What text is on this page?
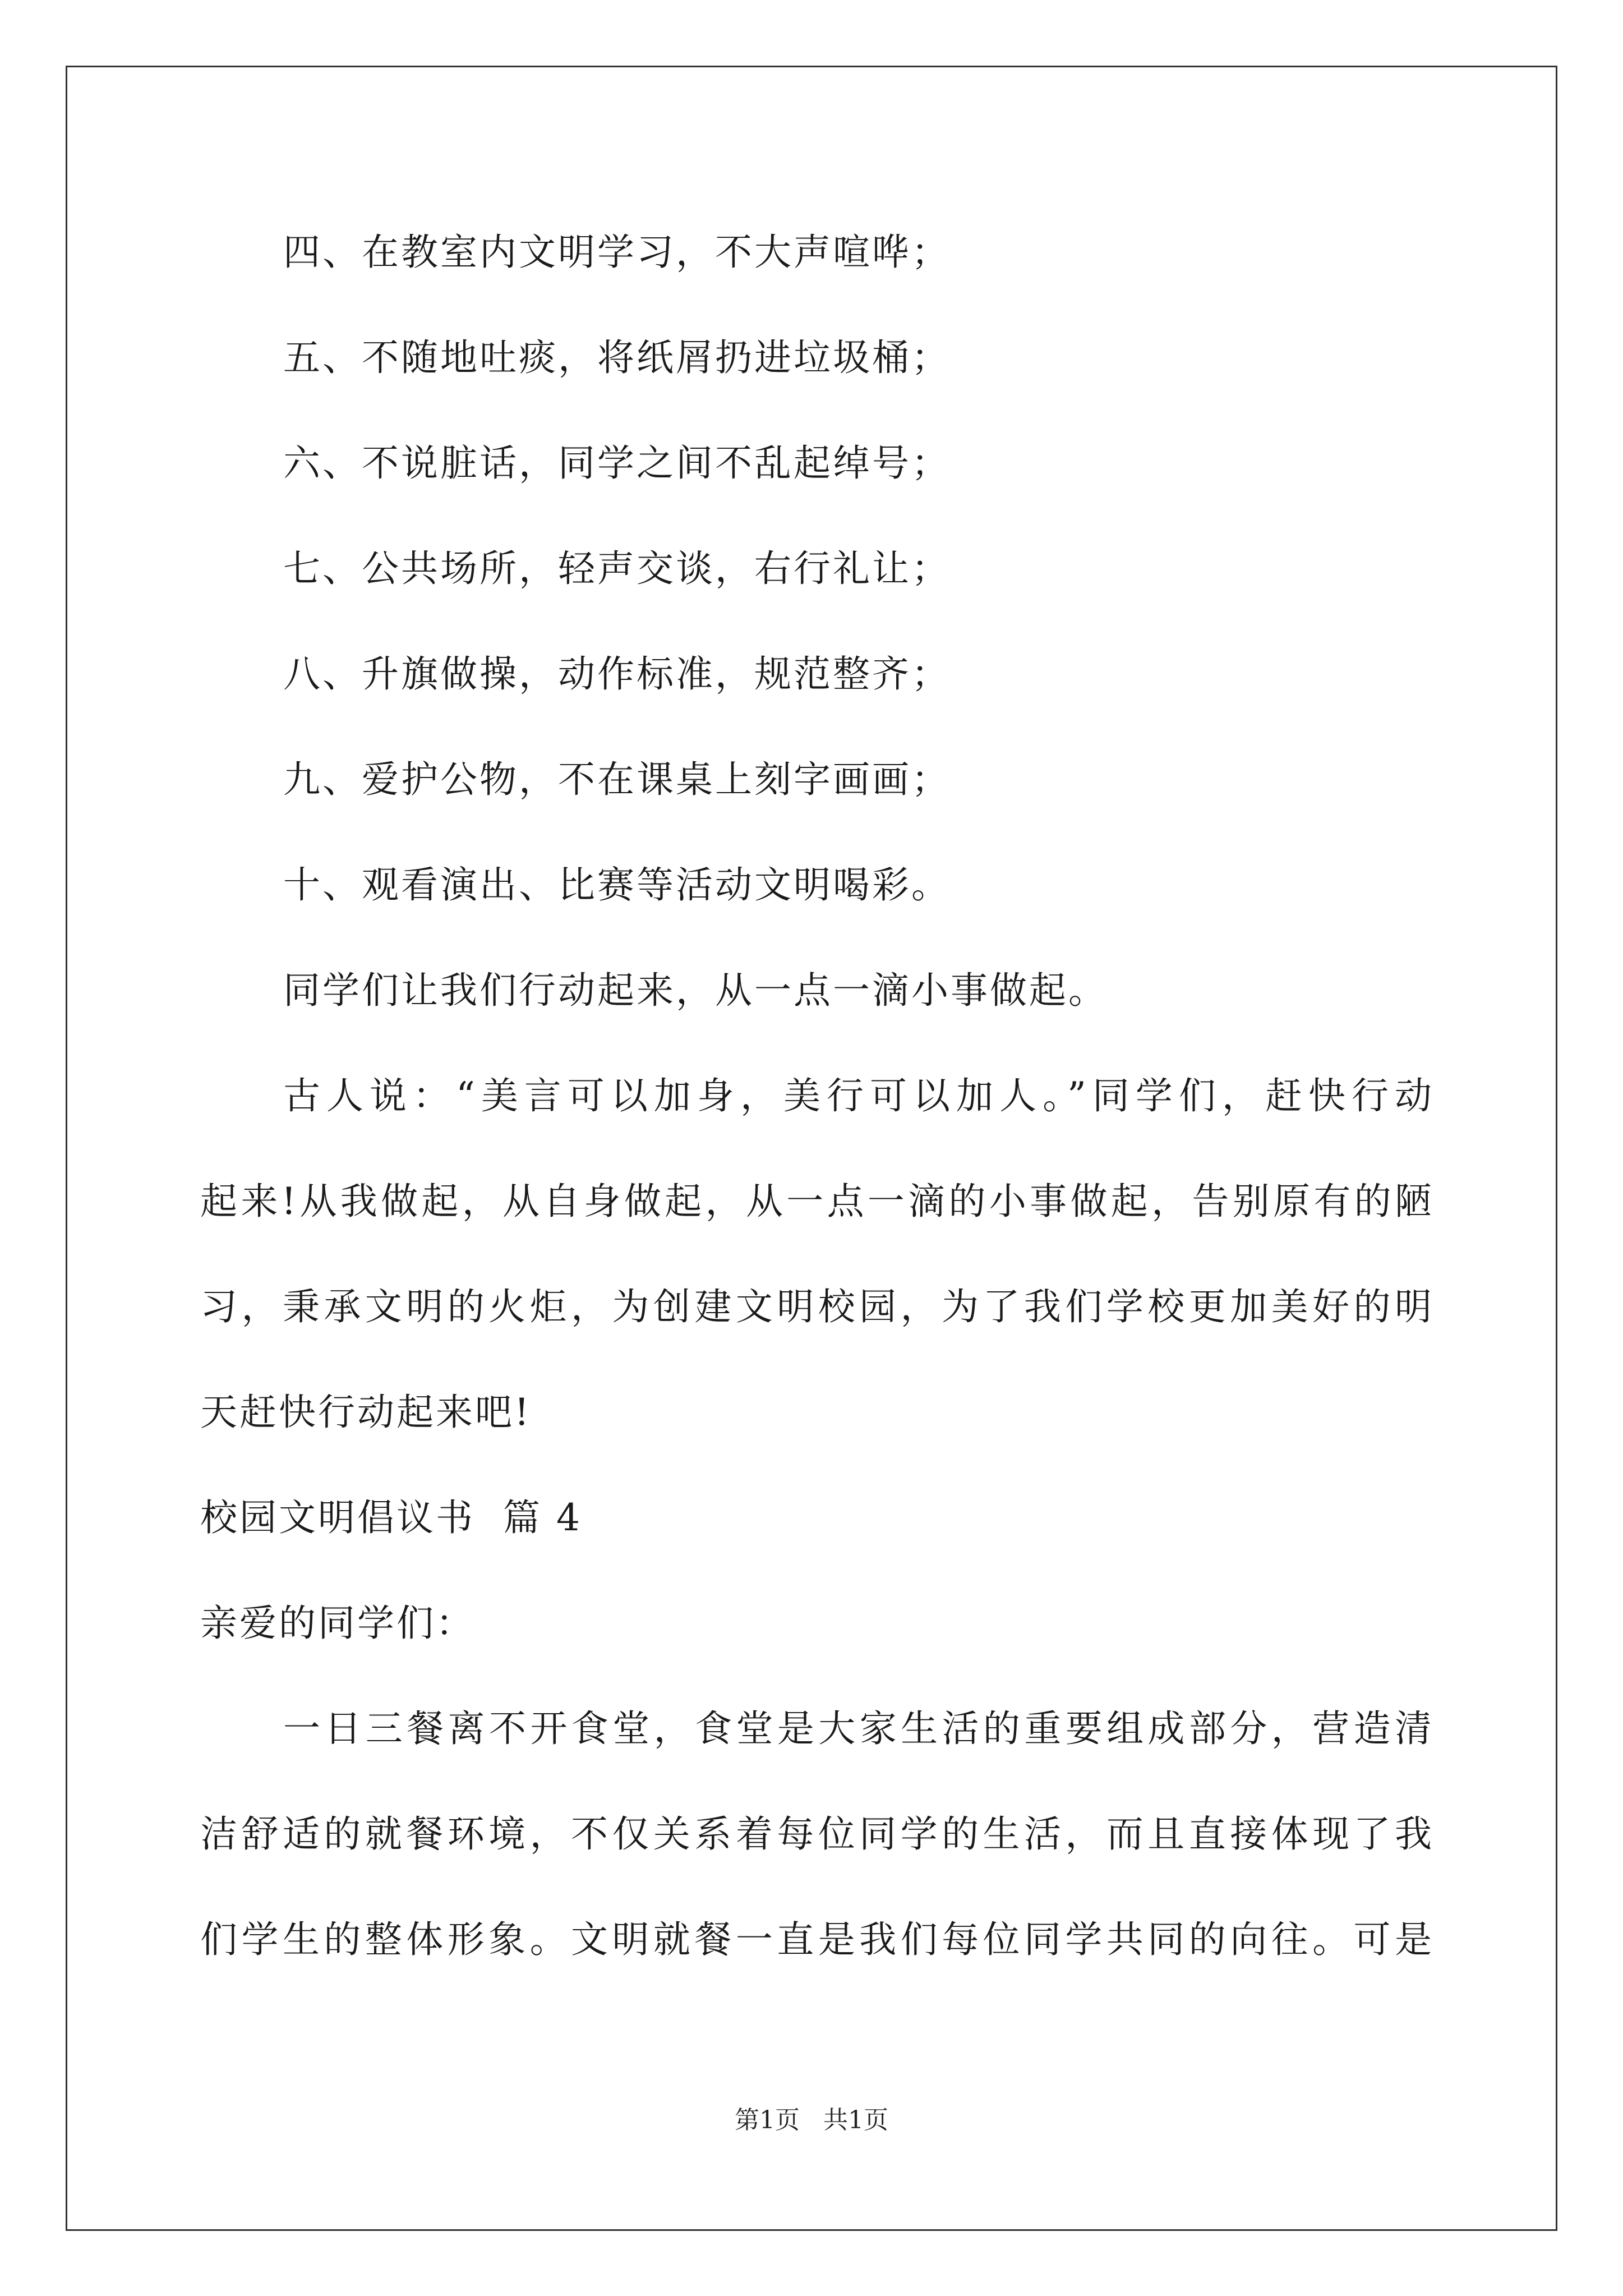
四、在教室内文明学习，不大声喧哗；
五、不随地吐痰，将纸屑扔进垃圾桶；
六、不说脏话，同学之间不乱起绰号；
七、公共场所，轻声交谈，右行礼让；
八、升旗做操，动作标准，规范整齐；
九、爱护公物，不在课桌上刻字画画；
十、观看演出、比赛等活动文明喝彩。
同学们让我们行动起来，从一点一滴小事做起。
古人说：“美言可以加身，美行可以加人。”同学们，赶快行动
起来!从我做起，从自身做起，从一点一滴的小事做起，告别原有的陋
习，秉承文明的火炬，为创建文明校园，为了我们学校更加美好的明
天赶快行动起来吧!
校园文明倡议书  篇 4
亲爱的同学们：
一日三餐离不开食堂，食堂是大家生活的重要组成部分，营造清
洁舒适的就餐环境，不仅关系着每位同学的生活，而且直接体现了我
们学生的整体形象。文明就餐一直是我们每位同学共同的向往。可是
第1页   共1页
